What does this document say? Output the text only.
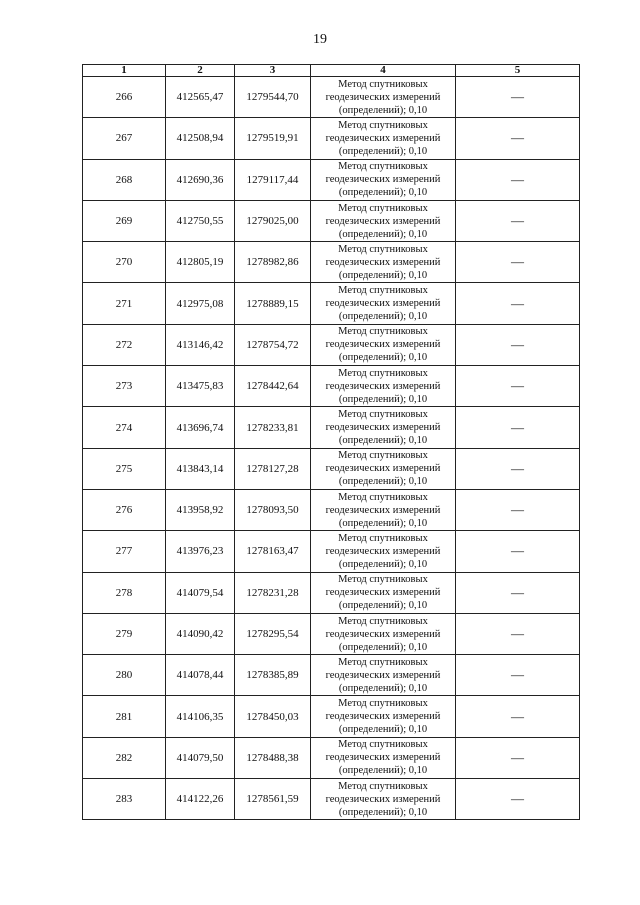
19
1	2	3	4	5
266	412565,47	1279544,70	Метод спутниковых
геодезических измерений
(определений); 0,10	—
267	412508,94	1279519,91	Метод спутниковых
геодезических измерений
(определений); 0,10	—
268	412690,36	1279117,44	Метод спутниковых
геодезических измерений
(определений); 0,10	—
269	412750,55	1279025,00	Метод спутниковых
геодезических измерений
(определений); 0,10	—
270	412805,19	1278982,86	Метод спутниковых
геодезических измерений
(определений); 0,10	—
271	412975,08	1278889,15	Метод спутниковых
геодезических измерений
(определений); 0,10	—
272	413146,42	1278754,72	Метод спутниковых
геодезических измерений
(определений); 0,10	—
273	413475,83	1278442,64	Метод спутниковых
геодезических измерений
(определений); 0,10	—
274	413696,74	1278233,81	Метод спутниковых
геодезических измерений
(определений); 0,10	—
275	413843,14	1278127,28	Метод спутниковых
геодезических измерений
(определений); 0,10	—
276	413958,92	1278093,50	Метод спутниковых
геодезических измерений
(определений); 0,10	—
277	413976,23	1278163,47	Метод спутниковых
геодезических измерений
(определений); 0,10	—
278	414079,54	1278231,28	Метод спутниковых
геодезических измерений
(определений); 0,10	—
279	414090,42	1278295,54	Метод спутниковых
геодезических измерений
(определений); 0,10	—
280	414078,44	1278385,89	Метод спутниковых
геодезических измерений
(определений); 0,10	—
281	414106,35	1278450,03	Метод спутниковых
геодезических измерений
(определений); 0,10	—
282	414079,50	1278488,38	Метод спутниковых
геодезических измерений
(определений); 0,10	—
283	414122,26	1278561,59	Метод спутниковых
геодезических измерений
(определений); 0,10	—
